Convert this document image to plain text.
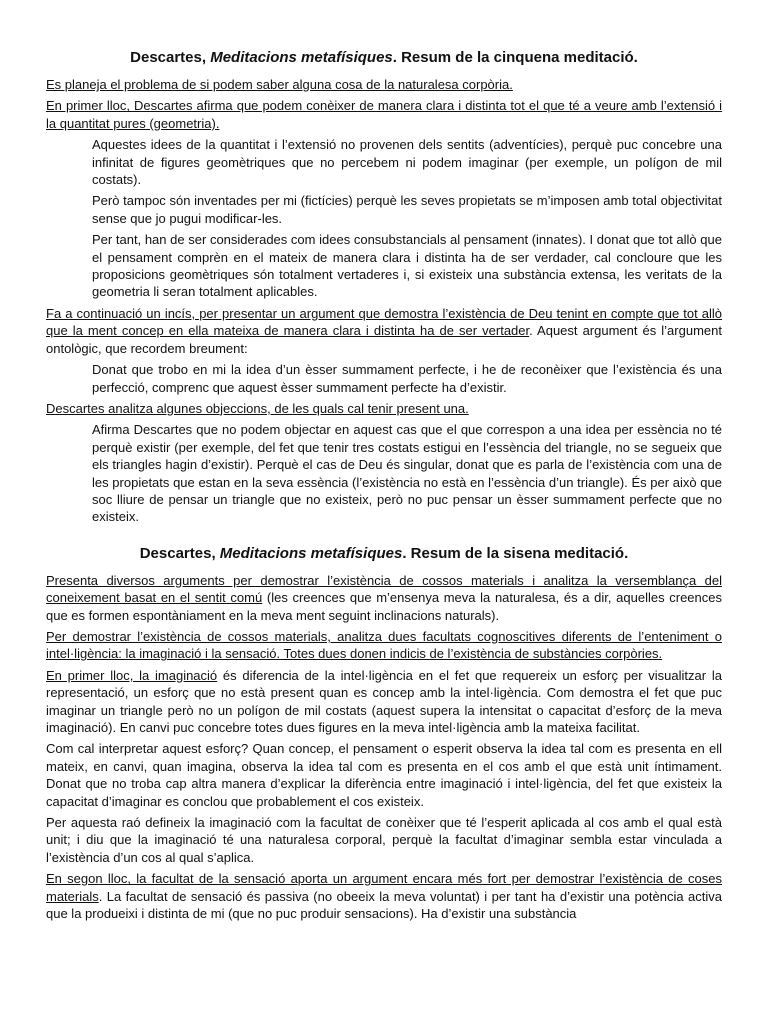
Descartes, Meditacions metafísiques. Resum de la cinquena meditació.

Es planeja el problema de si podem saber alguna cosa de la naturalesa corpòria.

En primer lloc, Descartes afirma que podem conèixer de manera clara i distinta tot el que té a veure amb l’extensió i la quantitat pures (geometria).

Aquestes idees de la quantitat i l’extensió no provenen dels sentits (adventícies), perquè puc concebre una infinitat de figures geomètriques que no percebem ni podem imaginar (per exemple, un polígon de mil costats).

Però tampoc són inventades per mi (fictícies) perquè les seves propietats se m’imposen amb total objectivitat sense que jo pugui modificar-les.

Per tant, han de ser considerades com idees consubstancials al pensament (innates). I donat que tot allò que el pensament comprèn en el mateix de manera clara i distinta ha de ser verdader, cal concloure que les proposicions geomètriques són totalment vertaderes i, si existeix una substància extensa, les veritats de la geometria li seran totalment aplicables.

Fa a continuació un incís, per presentar un argument que demostra l’existència de Deu tenint en compte que tot allò que la ment concep en ella mateixa de manera clara i distinta ha de ser vertader. Aquest argument és l’argument ontològic, que recordem breument:

Donat que trobo en mi la idea d’un èsser summament perfecte, i he de reconèixer que l’existència és una perfecció, comprenc que aquest èsser summament perfecte ha d’existir.

Descartes analitza algunes objeccions, de les quals cal tenir present una.

Afirma Descartes que no podem objectar en aquest cas que el que correspon a una idea per essència no té perquè existir (per exemple, del fet que tenir tres costats estigui en l’essència del triangle, no se segueix que els triangles hagin d’existir). Perquè el cas de Deu és singular, donat que es parla de l’existència com una de les propietats que estan en la seva essència (l’existència no està en l’essència d’un triangle). És per això que soc lliure de pensar un triangle que no existeix, però no puc pensar un èsser summament perfecte que no existeix.

Descartes, Meditacions metafísiques. Resum de la sisena meditació.

Presenta diversos arguments per demostrar l’existència de cossos materials i analitza la versemblança del coneixement basat en el sentit comú (les creences que m’ensenya meva la naturalesa, és a dir, aquelles creences que es formen espontàniament en la meva ment seguint inclinacions naturals).

Per demostrar l’existència de cossos materials, analitza dues facultats cognoscitives diferents de l’enteniment o intel·ligència: la imaginació i la sensació. Totes dues donen indicis de l’existència de substàncies corpòries.

En primer lloc, la imaginació és diferencia de la intel·ligència en el fet que requereix un esforç per visualitzar la representació, un esforç que no està present quan es concep amb la intel·ligència. Com demostra el fet que puc imaginar un triangle però no un polígon de mil costats (aquest supera la intensitat o capacitat d’esforç de la meva imaginació). En canvi puc concebre totes dues figures en la meva intel·ligència amb la mateixa facilitat.

Com cal interpretar aquest esforç? Quan concep, el pensament o esperit observa la idea tal com es presenta en ell mateix, en canvi, quan imagina, observa la idea tal com es presenta en el cos amb el que està unit íntimament. Donat que no troba cap altra manera d’explicar la diferència entre imaginació i intel·ligència, del fet que existeix la capacitat d’imaginar es conclou que probablement el cos existeix.

Per aquesta raó defineix la imaginació com la facultat de conèixer que té l’esperit aplicada al cos amb el qual està unit; i diu que la imaginació té una naturalesa corporal, perquè la facultat d’imaginar sembla estar vinculada a l’existència d’un cos al qual s’aplica.

En segon lloc, la facultat de la sensació aporta un argument encara més fort per demostrar l’existència de coses materials. La facultat de sensació és passiva (no obeeix la meva voluntat) i per tant ha d’existir una potència activa que la produeixi i distinta de mi (que no puc produir sensacions). Ha d’existir una substància
